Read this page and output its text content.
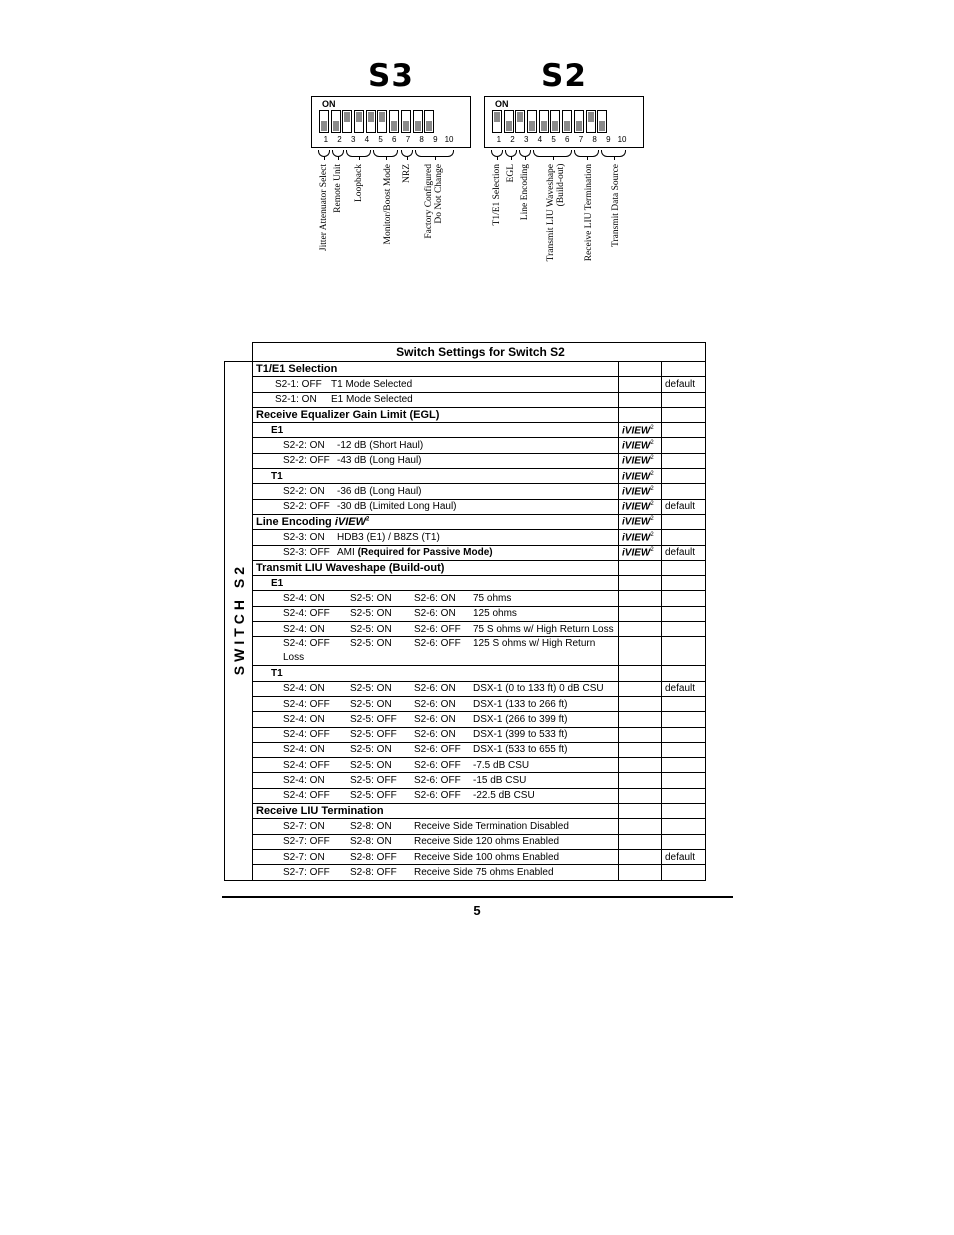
S3
ON
1	2	3	4	5	6	7	8	9 10
Jitter Attenuator Select Remote Unit Loopback Monitor/Boost Mode NRZ
Factory Configured
Do Not Change
S2
ON
1	2	3	4	5	6	7	8	9 10
T1/E1 Selection EGL Line Encoding
Transmit LIU Waveshape
(Build-out) Receive LIU Termination Transmit Data Source
	Switch Settings for Switch S2		
SWITCH S2	T1/E1 Selection		
	S2-1: OFF T1 Mode Selected		default
	S2-1: ON E1 Mode Selected		
	Receive Equalizer Gain Limit (EGL)		
	E1	iVIEW$^2$	
	S2-2: ON -12 dB (Short Haul)	iVIEW$^2$	
	S2-2: OFF -43 dB (Long Haul)	iVIEW$^2$	
	T1	iVIEW$^2$	
	S2-2: ON -36 dB (Long Haul)	iVIEW$^2$	
	S2-2: OFF -30 dB (Limited Long Haul)	iVIEW$^2$	default
	Line Encoding iVIEW$^2$	iVIEW$^2$	
	S2-3: ON HDB3 (E1) / B8ZS (T1)	iVIEW$^2$	
	S2-3: OFF AMI (Required for Passive Mode)	iVIEW$^2$	default
	Transmit LIU Waveshape (Build-out)		
	E1		
	S2-4: ON S2-5: ON S2-6: ON 75 ohms		
	S2-4: OFF S2-5: ON S2-6: ON 125 ohms		
	S2-4: ON S2-5: ON S2-6: OFF 75 S ohms w/ High Return Loss		
	S2-4: OFF S2-5: ON S2-6: OFF 125 S ohms w/ High Return
Loss		
	T1		
	S2-4: ON S2-5: ON S2-6: ON DSX-1 (0 to 133 ft) 0 dB CSU		default
	S2-4: OFF S2-5: ON S2-6: ON DSX-1 (133 to 266 ft)		
	S2-4: ON S2-5: OFF S2-6: ON DSX-1 (266 to 399 ft)		
	S2-4: OFF S2-5: OFF S2-6: ON DSX-1 (399 to 533 ft)		
	S2-4: ON S2-5: ON S2-6: OFF DSX-1 (533 to 655 ft)		
	S2-4: OFF S2-5: ON S2-6: OFF -7.5 dB CSU		
	S2-4: ON S2-5: OFF S2-6: OFF -15 dB CSU		
	S2-4: OFF S2-5: OFF S2-6: OFF -22.5 dB CSU		
	Receive LIU Termination		
	S2-7: ON S2-8: ON Receive Side Termination Disabled		
	S2-7: OFF S2-8: ON Receive Side 120 ohms Enabled		
	S2-7: ON S2-8: OFF Receive Side 100 ohms Enabled		default
	S2-7: OFF S2-8: OFF Receive Side 75 ohms Enabled		
5
